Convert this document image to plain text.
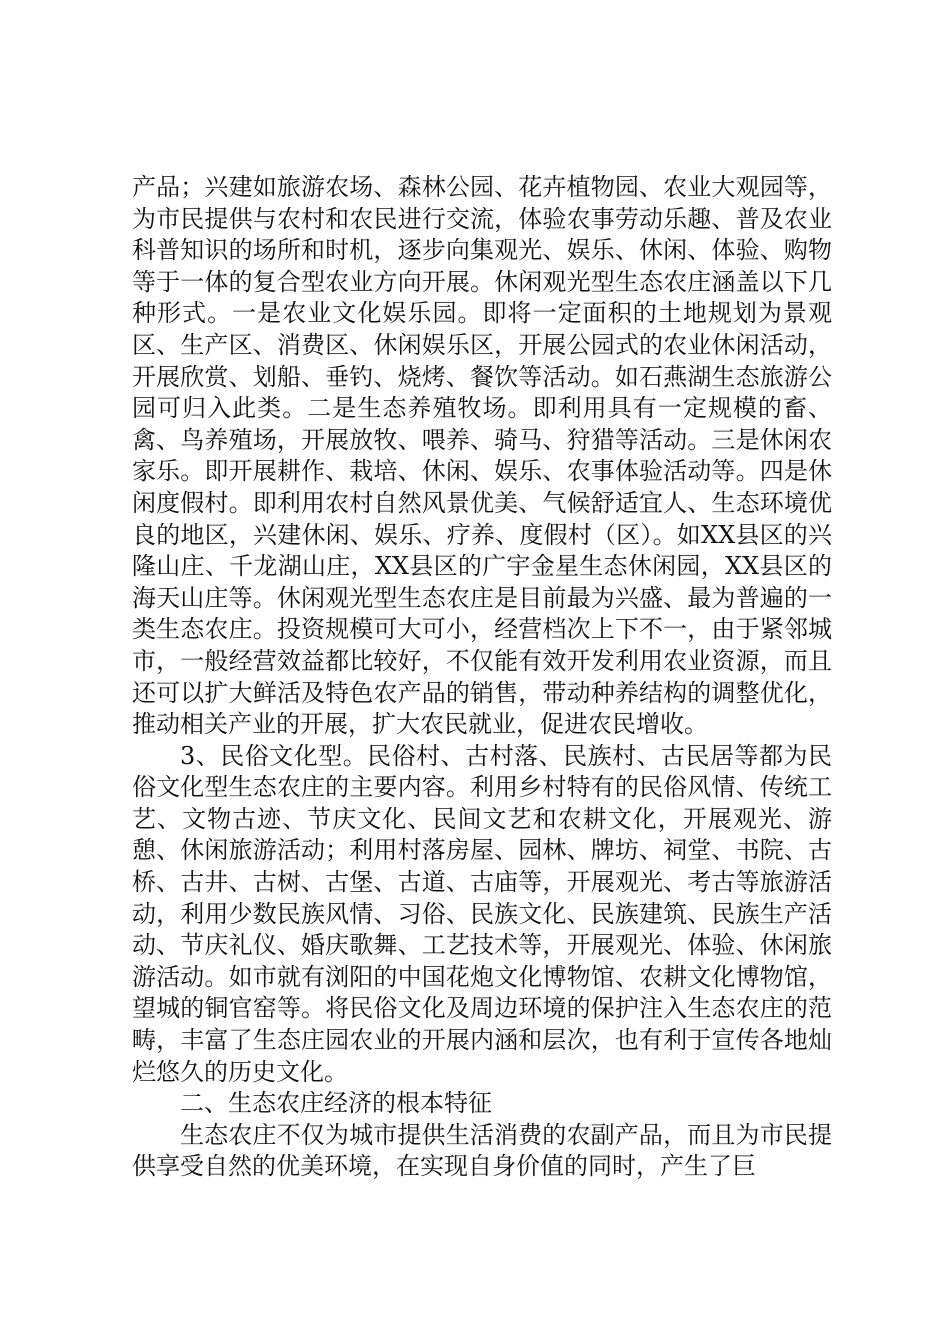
产品；兴建如旅游农场、森林公园、花卉植物园、农业大观园等，为市民提供与农村和农民进行交流，体验农事劳动乐趣、普及农业科普知识的场所和时机，逐步向集观光、娱乐、休闲、体验、购物等于一体的复合型农业方向开展。休闲观光型生态农庄涵盖以下几种形式。一是农业文化娱乐园。即将一定面积的土地规划为景观区、生产区、消费区、休闲娱乐区，开展公园式的农业休闲活动，开展欣赏、划船、垂钓、烧烤、餐饮等活动。如石燕湖生态旅游公园可归入此类。二是生态养殖牧场。即利用具有一定规模的畜、禽、鸟养殖场，开展放牧、喂养、骑马、狩猎等活动。三是休闲农家乐。即开展耕作、栽培、休闲、娱乐、农事体验活动等。四是休闲度假村。即利用农村自然风景优美、气候舒适宜人、生态环境优良的地区，兴建休闲、娱乐、疗养、度假村（区）。如XX县区的兴隆山庄、千龙湖山庄，XX县区的广宇金星生态休闲园，XX县区的海天山庄等。休闲观光型生态农庄是目前最为兴盛、最为普遍的一类生态农庄。投资规模可大可小，经营档次上下不一，由于紧邻城市，一般经营效益都比较好，不仅能有效开发利用农业资源，而且还可以扩大鲜活及特色农产品的销售，带动种养结构的调整优化，推动相关产业的开展，扩大农民就业，促进农民增收。

3、民俗文化型。民俗村、古村落、民族村、古民居等都为民俗文化型生态农庄的主要内容。利用乡村特有的民俗风情、传统工艺、文物古迹、节庆文化、民间文艺和农耕文化，开展观光、游憩、休闲旅游活动；利用村落房屋、园林、牌坊、祠堂、书院、古桥、古井、古树、古堡、古道、古庙等，开展观光、考古等旅游活动，利用少数民族风情、习俗、民族文化、民族建筑、民族生产活动、节庆礼仪、婚庆歌舞、工艺技术等，开展观光、体验、休闲旅游活动。如市就有浏阳的中国花炮文化博物馆、农耕文化博物馆，望城的铜官窑等。将民俗文化及周边环境的保护注入生态农庄的范畴，丰富了生态庄园农业的开展内涵和层次，也有利于宣传各地灿烂悠久的历史文化。

二、生态农庄经济的根本特征

生态农庄不仅为城市提供生活消费的农副产品，而且为市民提供享受自然的优美环境，在实现自身价值的同时，产生了巨
